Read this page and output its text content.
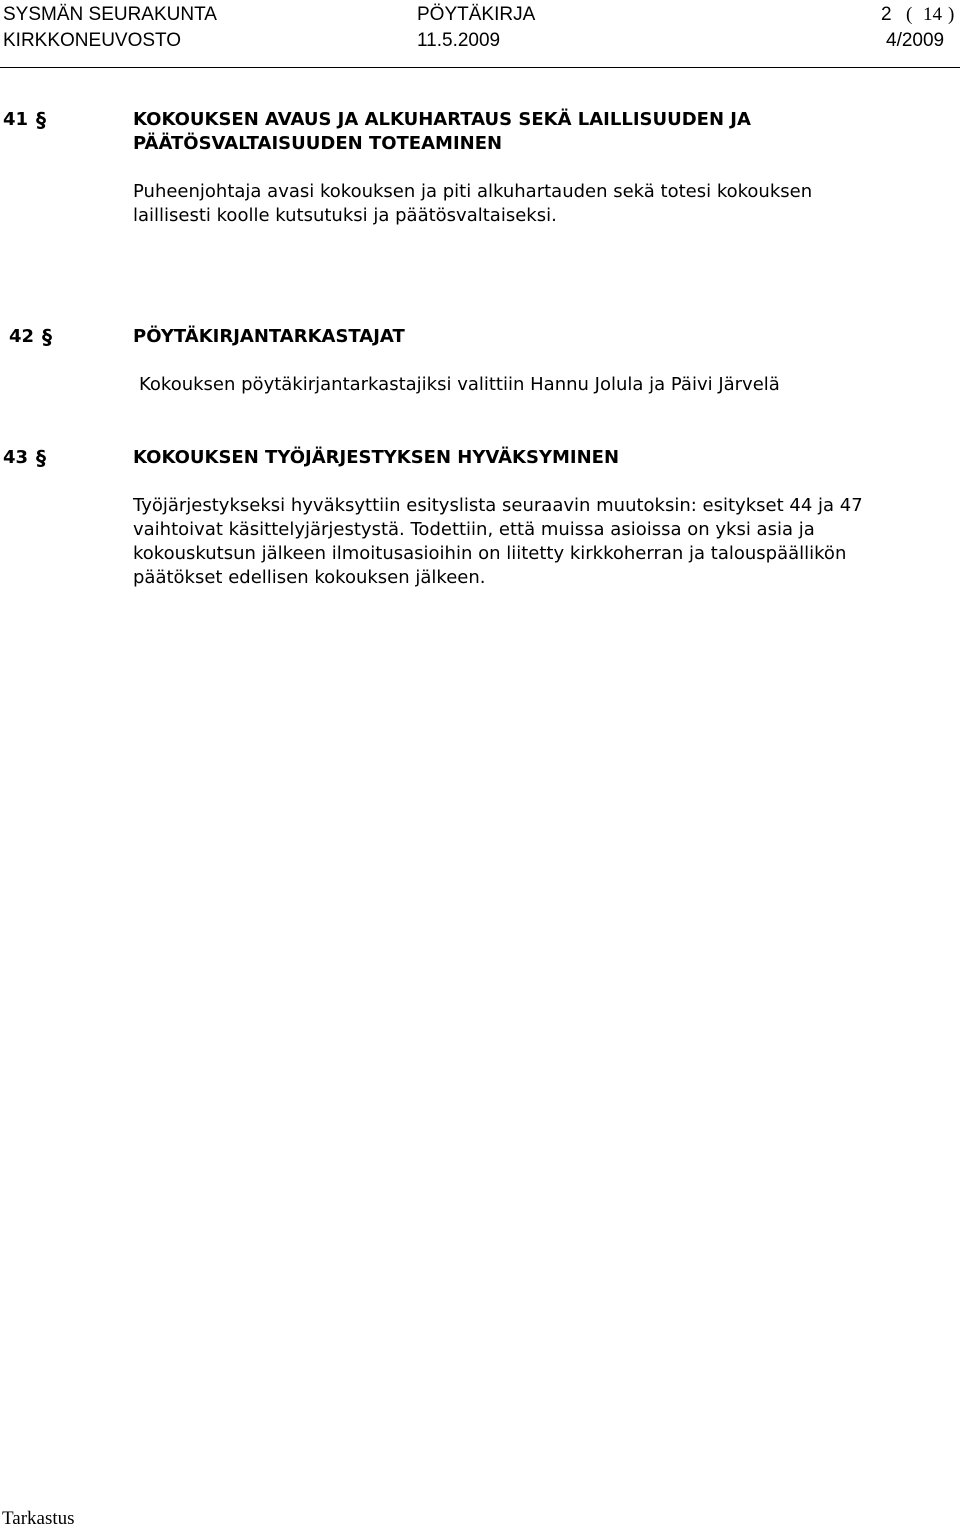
SYSMÄN SEURAKUNTA
KIRKKONEUVOSTO
PÖYTÄKIRJA
11.5.2009
2 ( 14 )
4/2009
41 §	KOKOUKSEN AVAUS JA ALKUHARTAUS SEKÄ LAILLISUUDEN JA
PÄÄTÖSVALTAISUUDEN TOTEAMINEN
Puheenjohtaja avasi kokouksen ja piti alkuhartauden sekä totesi kokouksen
laillisesti koolle kutsutuksi ja päätösvaltaiseksi.
42 §	PÖYTÄKIRJANTARKASTAJAT
Kokouksen pöytäkirjantarkastajiksi valittiin Hannu Jolula ja Päivi Järvelä
43 §	KOKOUKSEN TYÖJÄRJESTYKSEN HYVÄKSYMINEN
Työjärjestykseksi hyväksyttiin esityslista seuraavin muutoksin: esitykset 44 ja 47
vaihtoivat käsittelyjärjestystä. Todettiin, että muissa asioissa on yksi asia ja
kokouskutsun jälkeen ilmoitusasioihin on liitetty kirkkoherran ja talouspäällikön
päätökset edellisen kokouksen jälkeen.
Tarkastus
